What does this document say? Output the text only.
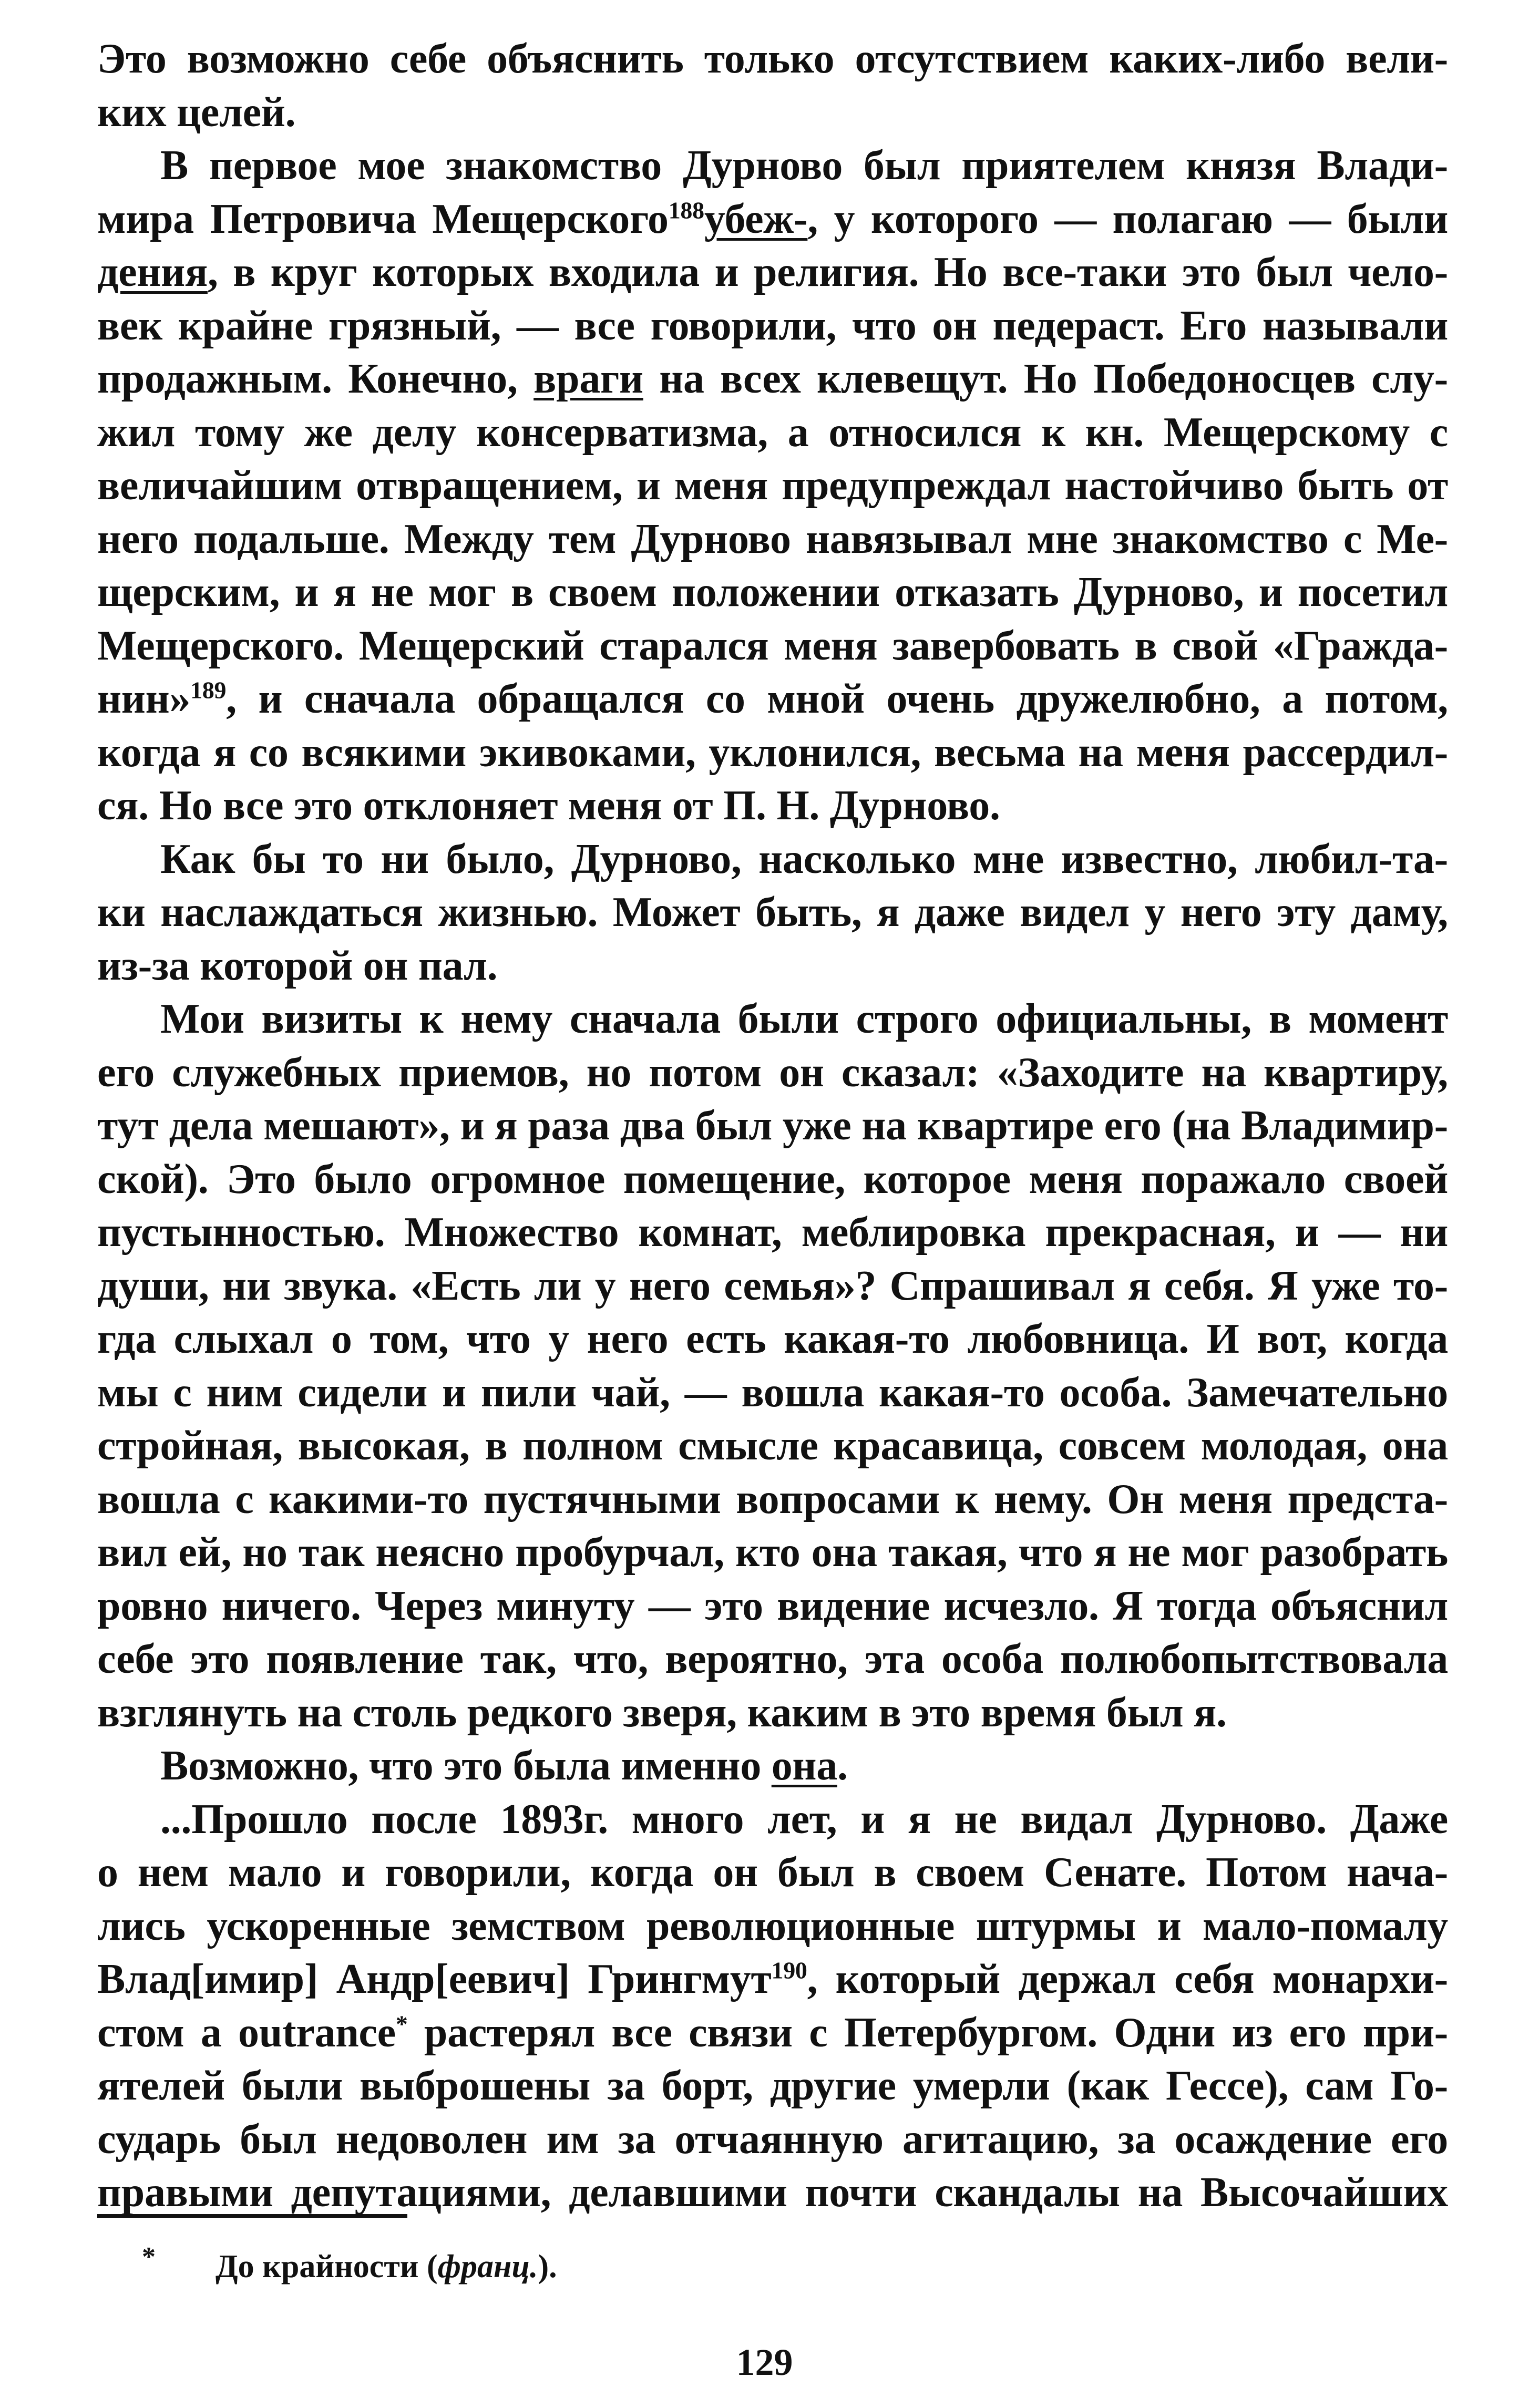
Это возможно себе объяснить только отсутствием каких-либо вели-
ких целей.
В первое мое знакомство Дурново был приятелем князя Влади-
мира Петровича Мещерского$^{188}$убеж-, у которого — полагаю — были
дения, в круг которых входила и религия. Но все-таки это был чело-
век крайне грязный, — все говорили, что он педераст. Его называли
продажным. Конечно, враги на всех клевещут. Но Победоносцев слу-
жил тому же делу консерватизма, а относился к кн. Мещерскому с
величайшим отвращением, и меня предупреждал настойчиво быть от
него подальше. Между тем Дурново навязывал мне знакомство с Ме-
щерским, и я не мог в своем положении отказать Дурново, и посетил
Мещерского. Мещерский старался меня завербовать в свой «Гражда-
нин»$^{189}$, и сначала обращался со мной очень дружелюбно, а потом,
когда я со всякими экивоками, уклонился, весьма на меня рассердил-
ся. Но все это отклоняет меня от П. Н. Дурново.
Как бы то ни было, Дурново, насколько мне известно, любил-та-
ки наслаждаться жизнью. Может быть, я даже видел у него эту даму,
из-за которой он пал.
Мои визиты к нему сначала были строго официальны, в момент
его служебных приемов, но потом он сказал: «Заходите на квартиру,
тут дела мешают», и я раза два был уже на квартире его (на Владимир-
ской). Это было огромное помещение, которое меня поражало своей
пустынностью. Множество комнат, меблировка прекрасная, и — ни
души, ни звука. «Есть ли у него семья»? Спрашивал я себя. Я уже то-
гда слыхал о том, что у него есть какая-то любовница. И вот, когда
мы с ним сидели и пили чай, — вошла какая-то особа. Замечательно
стройная, высокая, в полном смысле красавица, совсем молодая, она
вошла с какими-то пустячными вопросами к нему. Он меня предста-
вил ей, но так неясно пробурчал, кто она такая, что я не мог разобрать
ровно ничего. Через минуту — это видение исчезло. Я тогда объяснил
себе это появление так, что, вероятно, эта особа полюбопытствовала
взглянуть на столь редкого зверя, каким в это время был я.
Возможно, что это была именно она.
...Прошло после 1893г. много лет, и я не видал Дурново. Даже
о нем мало и говорили, когда он был в своем Сенате. Потом нача-
лись ускоренные земством революционные штурмы и мало-помалу
Влад[имир] Андр[еевич] Грингмут$^{190}$, который держал себя монархи-
стом a outrance* растерял все связи с Петербургом. Одни из его при-
ятелей были выброшены за борт, другие умерли (как Гессе), сам Го-
сударь был недоволен им за отчаянную агитацию, за осаждение его
правыми депутациями, делавшими почти скандалы на Высочайших
* До крайности (франц.).
129
